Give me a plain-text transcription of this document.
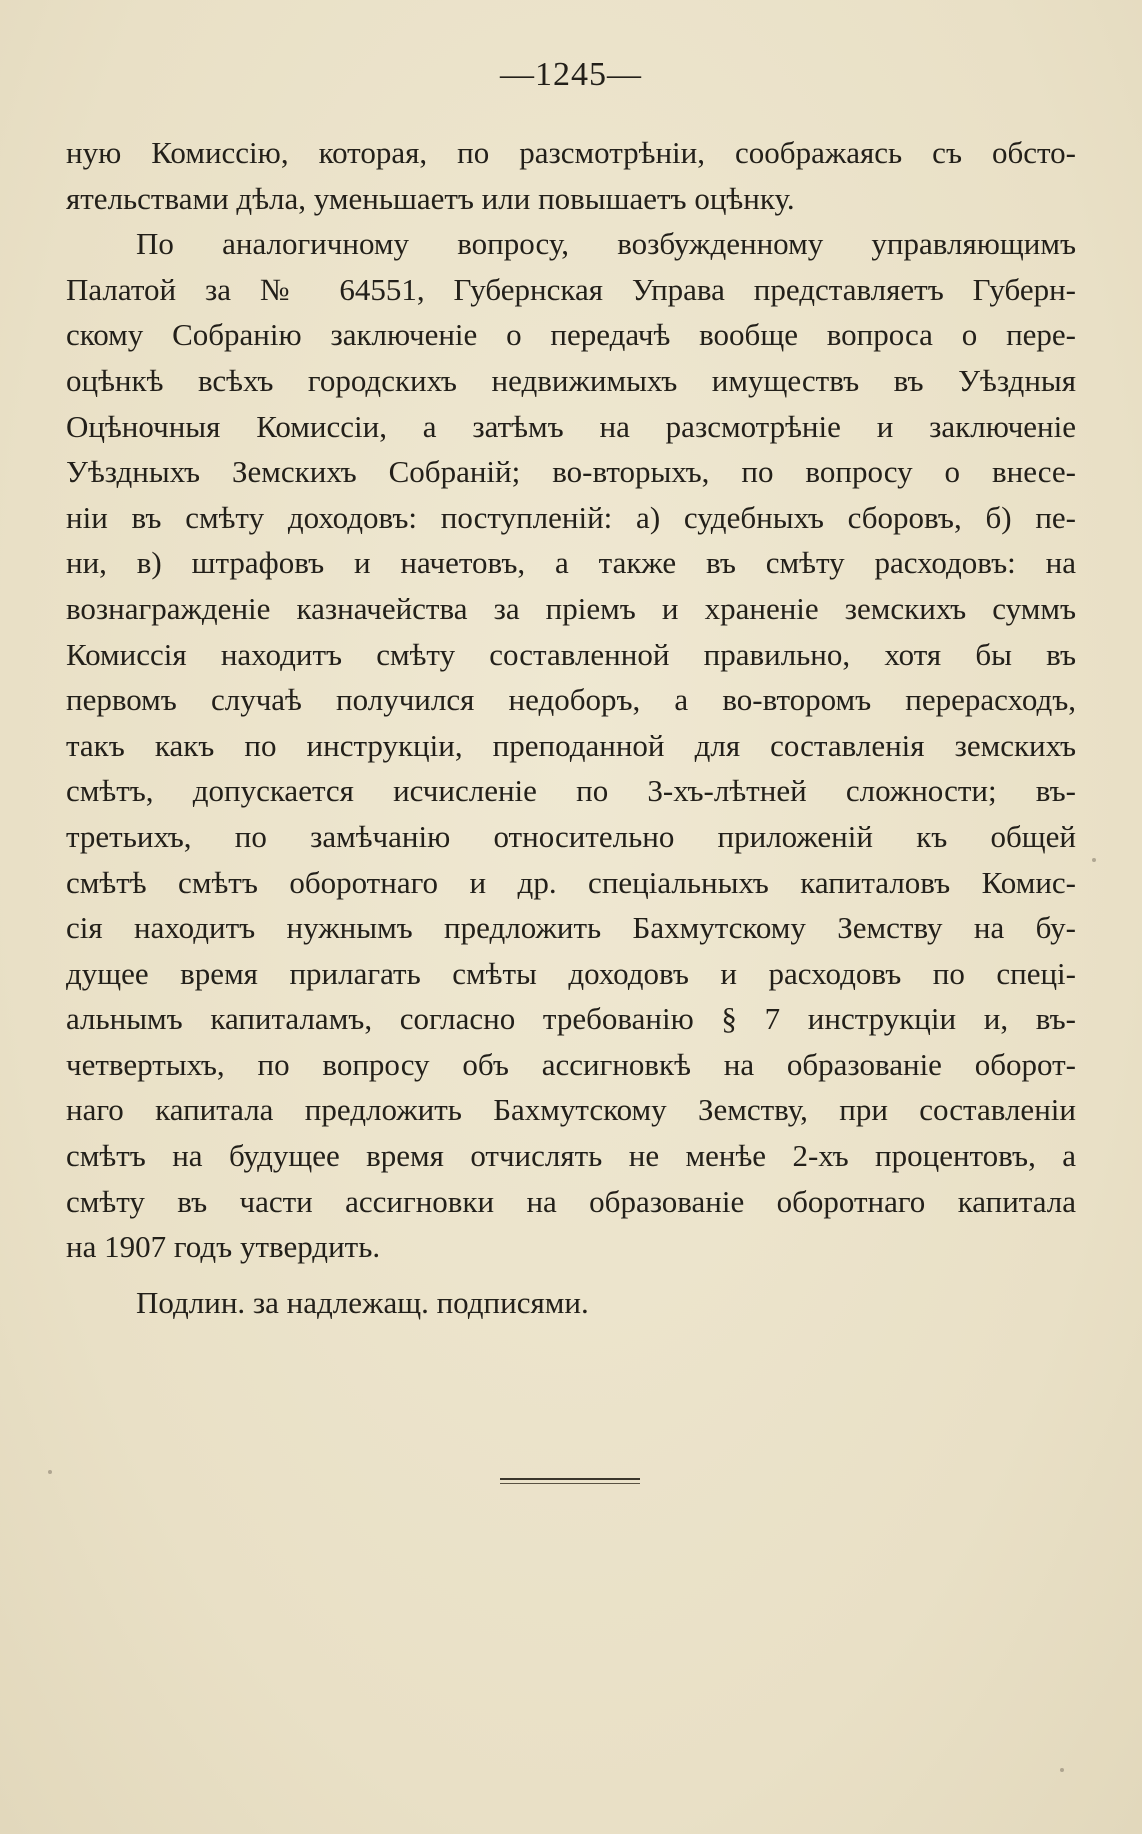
—1245—
ную Комиссію, которая, по разсмотрѣніи, соображаясь съ обсто-
ятельствами дѣла, уменьшаетъ или повышаетъ оцѣнку.
По аналогичному вопросу, возбужденному управляющимъ
Палатой за № 64551, Губернская Управа представляетъ Губерн-
скому Собранію заключеніе о передачѣ вообще вопроса о пере-
оцѣнкѣ всѣхъ городскихъ недвижимыхъ имуществъ въ Уѣздныя
Оцѣночныя Комиссіи, а затѣмъ на разсмотрѣніе и заключеніе
Уѣздныхъ Земскихъ Собраній; во-вторыхъ, по вопросу о внесе-
ніи въ смѣту доходовъ: поступленій: а) судебныхъ сборовъ, б) пе-
ни, в) штрафовъ и начетовъ, а также въ смѣту расходовъ: на
вознагражденіе казначейства за пріемъ и храненіе земскихъ суммъ
Комиссія находитъ смѣту составленной правильно, хотя бы въ
первомъ случаѣ получился недоборъ, а во-второмъ перерасходъ,
такъ какъ по инструкціи, преподанной для составленія земскихъ
смѣтъ, допускается исчисленіе по 3-хъ-лѣтней сложности; въ-
третьихъ, по замѣчанію относительно приложеній къ общей
смѣтѣ смѣтъ оборотнаго и др. спеціальныхъ капиталовъ Комис-
сія находитъ нужнымъ предложить Бахмутскому Земству на бу-
дущее время прилагать смѣты доходовъ и расходовъ по спеці-
альнымъ капиталамъ, согласно требованію § 7 инструкціи и, въ-
четвертыхъ, по вопросу объ ассигновкѣ на образованіе оборот-
наго капитала предложить Бахмутскому Земству, при составленіи
смѣтъ на будущее время отчислять не менѣе 2-хъ процентовъ, а
смѣту въ части ассигновки на образованіе оборотнаго капитала
на 1907 годъ утвердить.
Подлин. за надлежащ. подписями.
